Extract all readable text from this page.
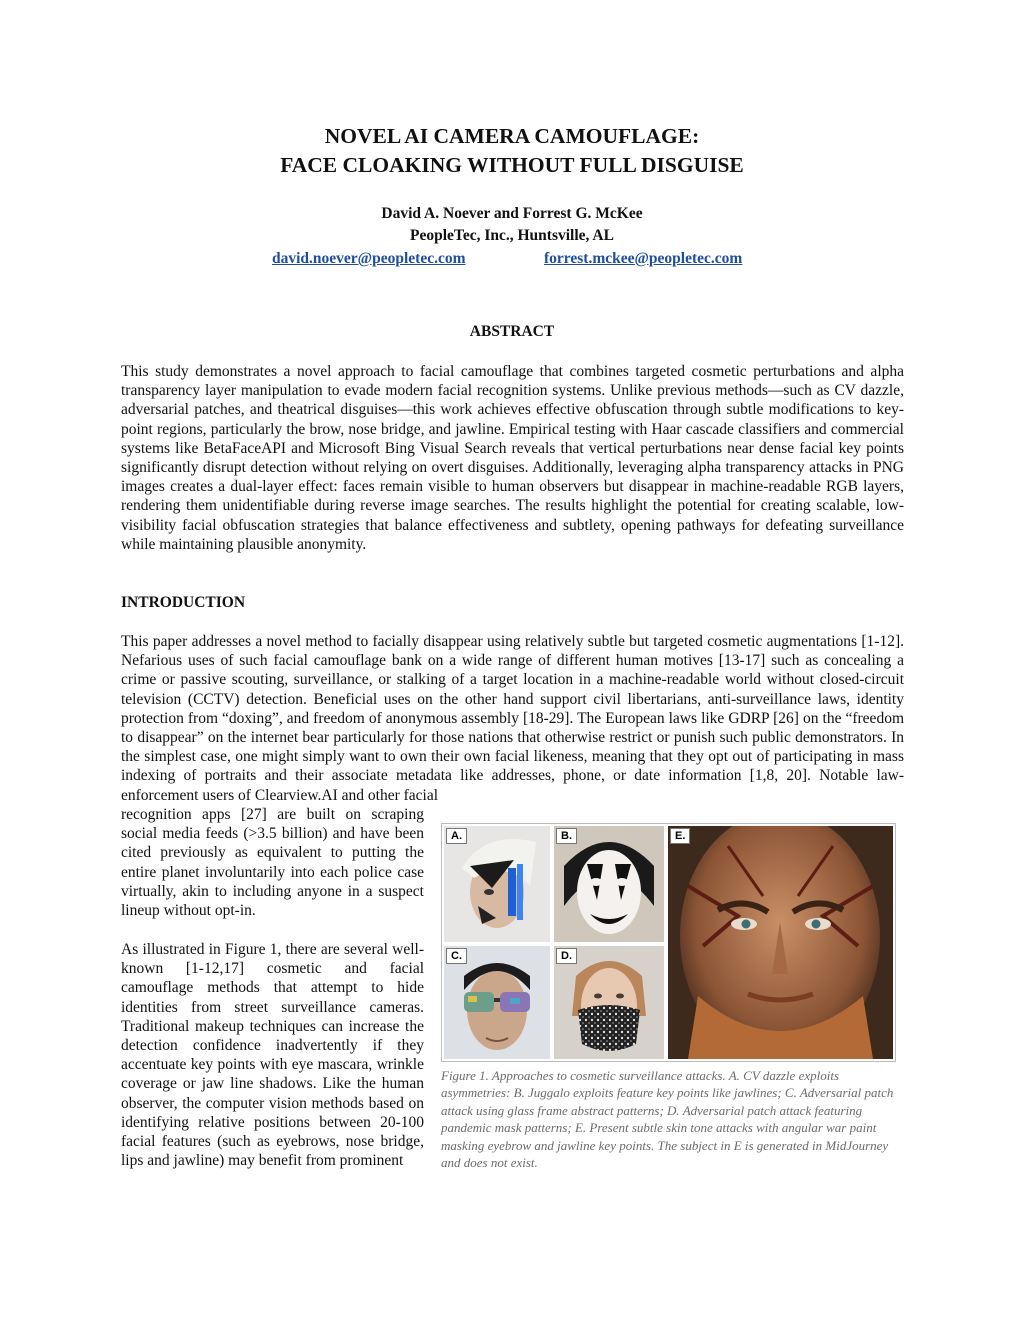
NOVEL AI CAMERA CAMOUFLAGE:
FACE CLOAKING WITHOUT FULL DISGUISE
David A. Noever and Forrest G. McKee
PeopleTec, Inc., Huntsville, AL
david.noever@peopletec.com	forrest.mckee@peopletec.com
ABSTRACT
This study demonstrates a novel approach to facial camouflage that combines targeted cosmetic perturbations and alpha transparency layer manipulation to evade modern facial recognition systems. Unlike previous methods—such as CV dazzle, adversarial patches, and theatrical disguises—this work achieves effective obfuscation through subtle modifications to key-point regions, particularly the brow, nose bridge, and jawline. Empirical testing with Haar cascade classifiers and commercial systems like BetaFaceAPI and Microsoft Bing Visual Search reveals that vertical perturbations near dense facial key points significantly disrupt detection without relying on overt disguises. Additionally, leveraging alpha transparency attacks in PNG images creates a dual-layer effect: faces remain visible to human observers but disappear in machine-readable RGB layers, rendering them unidentifiable during reverse image searches. The results highlight the potential for creating scalable, low-visibility facial obfuscation strategies that balance effectiveness and subtlety, opening pathways for defeating surveillance while maintaining plausible anonymity.
INTRODUCTION
This paper addresses a novel method to facially disappear using relatively subtle but targeted cosmetic augmentations [1-12]. Nefarious uses of such facial camouflage bank on a wide range of different human motives [13-17] such as concealing a crime or passive scouting, surveillance, or stalking of a target location in a machine-readable world without closed-circuit television (CCTV) detection. Beneficial uses on the other hand support civil libertarians, anti-surveillance laws, identity protection from “doxing”, and freedom of anonymous assembly [18-29]. The European laws like GDRP [26] on the “freedom to disappear” on the internet bear particularly for those nations that otherwise restrict or punish such public demonstrators. In the simplest case, one might simply want to own their own facial likeness, meaning that they opt out of participating in mass indexing of portraits and their associate metadata like addresses, phone, or date information [1,8, 20]. Notable law-enforcement users of Clearview.AI and other facial
recognition apps [27] are built on scraping social media feeds (>3.5 billion) and have been cited previously as equivalent to putting the entire planet involuntarily into each police case virtually, akin to including anyone in a suspect lineup without opt-in.
As illustrated in Figure 1, there are several well-known [1-12,17] cosmetic and facial camouflage methods that attempt to hide identities from street surveillance cameras. Traditional makeup techniques can increase the detection confidence inadvertently if they accentuate key points with eye mascara, wrinkle coverage or jaw line shadows. Like the human observer, the computer vision methods based on identifying relative positions between 20-100 facial features (such as eyebrows, nose bridge, lips and jawline) may benefit from prominent
A.	B.
C.	D.
E.
Figure 1. Approaches to cosmetic surveillance attacks. A. CV dazzle exploits asymmetries: B. Juggalo exploits feature key points like jawlines; C. Adversarial patch attack using glass frame abstract patterns; D. Adversarial patch attack featuring pandemic mask patterns; E. Present subtle skin tone attacks with angular war paint masking eyebrow and jawline key points. The subject in E is generated in MidJourney and does not exist.
